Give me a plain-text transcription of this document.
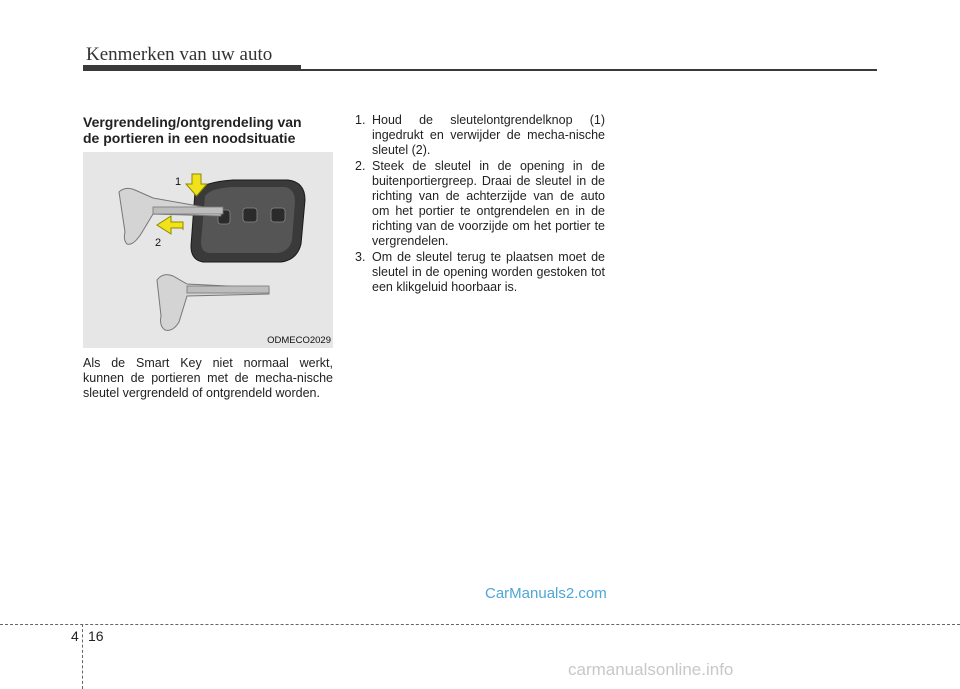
Kenmerken van uw auto
Vergrendeling/ontgrendeling van
de portieren in een noodsituatie
1
2
ODMECO2029
Als de Smart Key niet normaal werkt, kunnen de portieren met de mecha-nische sleutel vergrendeld of ontgrendeld worden.
1. Houd de sleutelontgrendelknop (1) ingedrukt en verwijder de mecha-nische sleutel (2).
2. Steek de sleutel in de opening in de buitenportiergreep. Draai de sleutel in de richting van de achterzijde van de auto om het portier te ontgrendelen en in de richting van de voorzijde om het portier te vergrendelen.
3. Om de sleutel terug te plaatsen moet de sleutel in de opening worden gestoken tot een klikgeluid hoorbaar is.
CarManuals2.com
4 16
carmanualsonline.info
